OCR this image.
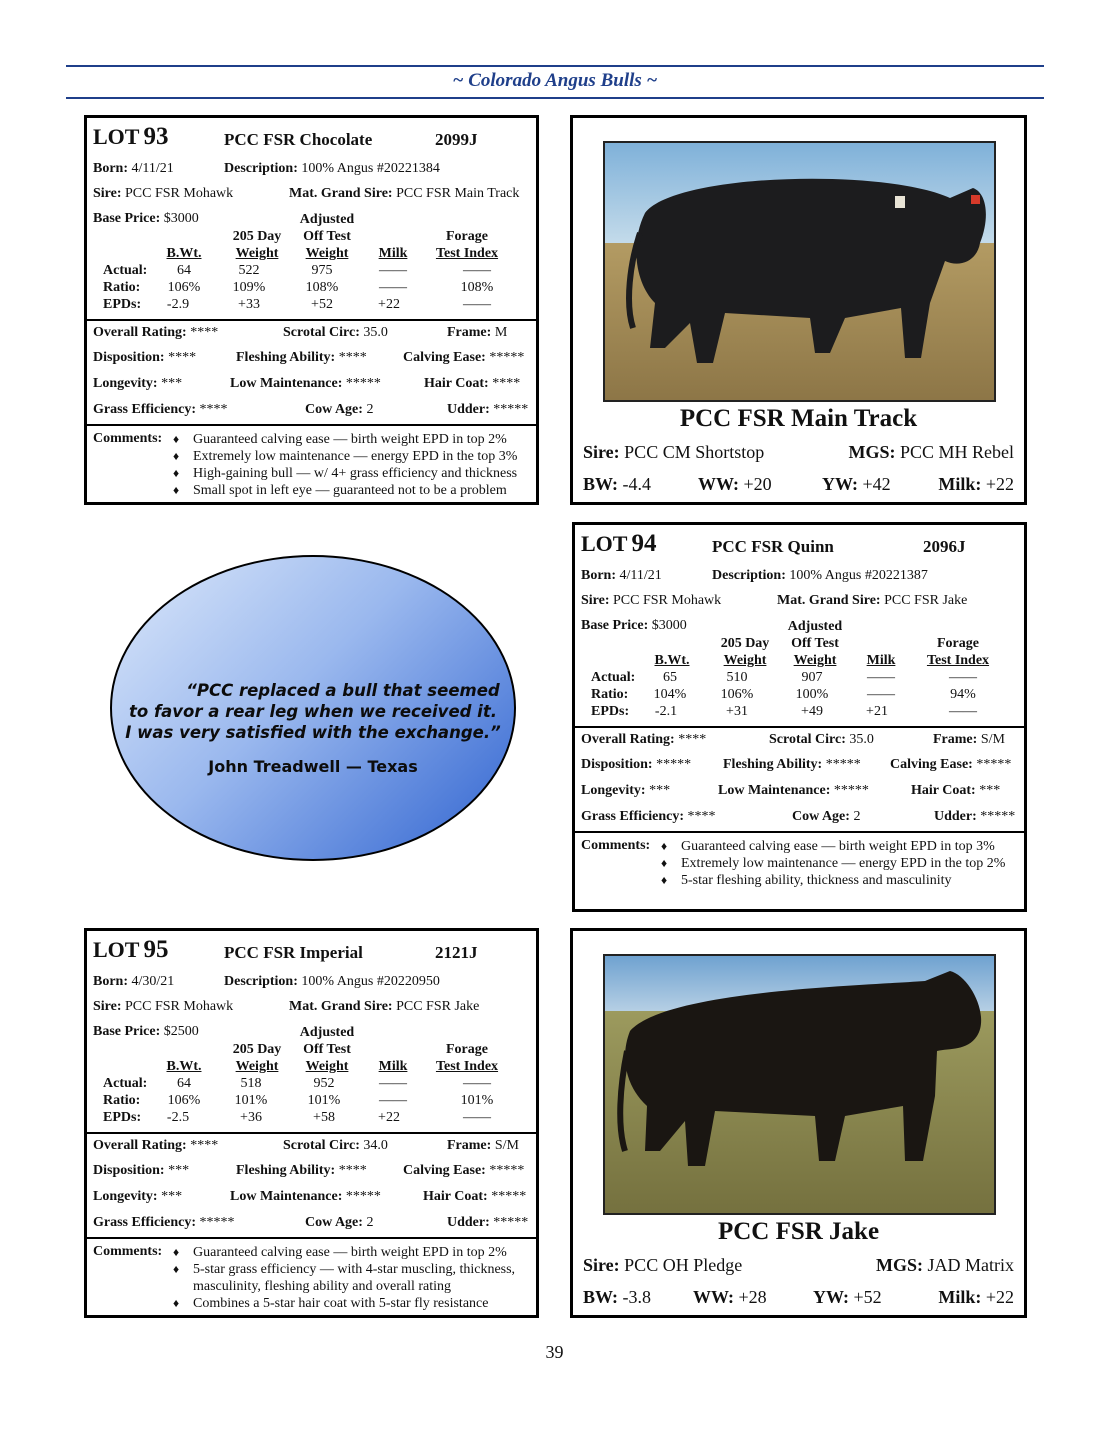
~ Colorado Angus Bulls ~
LOT 93	PCC FSR Chocolate	2099J
Born: 4/11/21	Description: 100% Angus #20221384
Sire: PCC FSR Mohawk	Mat. Grand Sire: PCC FSR Main Track
Base Price: $3000	Adjusted
205 Day	Off Test	Forage
B.Wt.	Weight	Weight	Milk	Test Index
Actual:	64	522	975	——	——
Ratio:	106%	109%	108%	——	108%
EPDs:	-2.9	+33	+52	+22	——
Overall Rating: ****	Scrotal Circ: 35.0	Frame: M
Disposition: ****	Fleshing Ability: ****	Calving Ease: *****
Longevity: ***	Low Maintenance: *****	Hair Coat: ****
Grass Efficiency: ****	Cow Age: 2	Udder: *****
Comments:	♦ Guaranteed calving ease — birth weight EPD in top 2%
♦ Extremely low maintenance — energy EPD in the top 3%
♦ High-gaining bull — w/ 4+ grass efficiency and thickness
♦ Small spot in left eye — guaranteed not to be a problem
PCC FSR Main Track
Sire: PCC CM Shortstop	MGS: PCC MH Rebel
BW: -4.4	WW: +20	YW: +42	Milk: +22
“PCC replaced a bull that seemed
to favor a rear leg when we received it.
I was very satisfied with the exchange.”
John Treadwell — Texas
LOT 94	PCC FSR Quinn	2096J
Born: 4/11/21	Description: 100% Angus #20221387
Sire: PCC FSR Mohawk	Mat. Grand Sire: PCC FSR Jake
Base Price: $3000	Adjusted
205 Day	Off Test	Forage
B.Wt.	Weight	Weight	Milk	Test Index
Actual:	65	510	907	——	——
Ratio:	104%	106%	100%	——	94%
EPDs:	-2.1	+31	+49	+21	——
Overall Rating: ****	Scrotal Circ: 35.0	Frame: S/M
Disposition: ***** Fleshing Ability: ***** Calving Ease: *****
Longevity: ***	Low Maintenance: *****	Hair Coat: ***
Grass Efficiency: ****	Cow Age: 2	Udder: *****
Comments:	♦ Guaranteed calving ease — birth weight EPD in top 3%
♦ Extremely low maintenance — energy EPD in the top 2%
♦ 5-star fleshing ability, thickness and masculinity
LOT 95	PCC FSR Imperial	2121J
Born: 4/30/21	Description: 100% Angus #20220950
Sire: PCC FSR Mohawk	Mat. Grand Sire: PCC FSR Jake
Base Price: $2500	Adjusted
205 Day	Off Test	Forage
B.Wt.	Weight	Weight	Milk	Test Index
Actual:	64	518	952	——	——
Ratio:	106%	101%	101%	——	101%
EPDs:	-2.5	+36	+58	+22	——
Overall Rating: ****	Scrotal Circ: 34.0	Frame: S/M
Disposition: ***	Fleshing Ability: ****	Calving Ease: *****
Longevity: ***	Low Maintenance: *****	Hair Coat: *****
Grass Efficiency: *****	Cow Age: 2	Udder: *****
Comments:	♦ Guaranteed calving ease — birth weight EPD in top 2%
♦ 5-star grass efficiency — with 4-star muscling, thickness,
masculinity, fleshing ability and overall rating
♦ Combines a 5-star hair coat with 5-star fly resistance
PCC FSR Jake
Sire: PCC OH Pledge	MGS: JAD Matrix
BW: -3.8 WW: +28	YW: +52	Milk: +22
39
